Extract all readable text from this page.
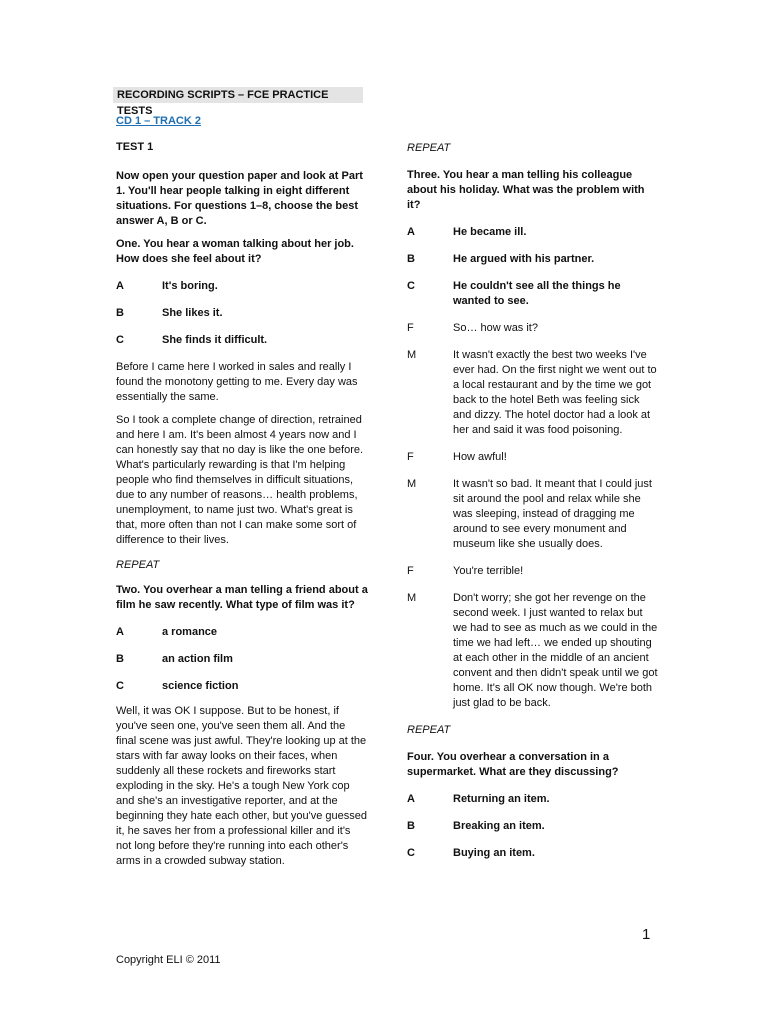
RECORDING SCRIPTS – FCE PRACTICE TESTS
CD 1 – TRACK 2

TEST 1

Now open your question paper and look at Part 1. You'll hear people talking in eight different situations. For questions 1–8, choose the best answer A, B or C.

One. You hear a woman talking about her job. How does she feel about it?

A	It's boring.
B	She likes it.
C	She finds it difficult.

Before I came here I worked in sales and really I found the monotony getting to me. Every day was essentially the same.

So I took a complete change of direction, retrained and here I am. It's been almost 4 years now and I can honestly say that no day is like the one before. What's particularly rewarding is that I'm helping people who find themselves in difficult situations, due to any number of reasons… health problems, unemployment, to name just two. What's great is that, more often than not I can make some sort of difference to their lives.

REPEAT

Two. You overhear a man telling a friend about a film he saw recently. What type of film was it?

A	a romance
B	an action film
C	science fiction

Well, it was OK I suppose. But to be honest, if you've seen one, you've seen them all. And the final scene was just awful. They're looking up at the stars with far away looks on their faces, when suddenly all these rockets and fireworks start exploding in the sky. He's a tough New York cop and she's an investigative reporter, and at the beginning they hate each other, but you've guessed it, he saves her from a professional killer and it's not long before they're running into each other's arms in a crowded subway station.

REPEAT

Three. You hear a man telling his colleague about his holiday. What was the problem with it?

A	He became ill.
B	He argued with his partner.
C	He couldn't see all the things he wanted to see.
F	So… how was it?
M	It wasn't exactly the best two weeks I've ever had. On the first night we went out to a local restaurant and by the time we got back to the hotel Beth was feeling sick and dizzy. The hotel doctor had a look at her and said it was food poisoning.
F	How awful!
M	It wasn't so bad. It meant that I could just sit around the pool and relax while she was sleeping, instead of dragging me around to see every monument and museum like she usually does.
F	You're terrible!
M	Don't worry; she got her revenge on the second week. I just wanted to relax but we had to see as much as we could in the time we had left… we ended up shouting at each other in the middle of an ancient convent and then didn't speak until we got home. It's all OK now though. We're both just glad to be back.

REPEAT

Four. You overhear a conversation in a supermarket. What are they discussing?

A	Returning an item.
B	Breaking an item.
C	Buying an item.
1
Copyright ELI © 2011
